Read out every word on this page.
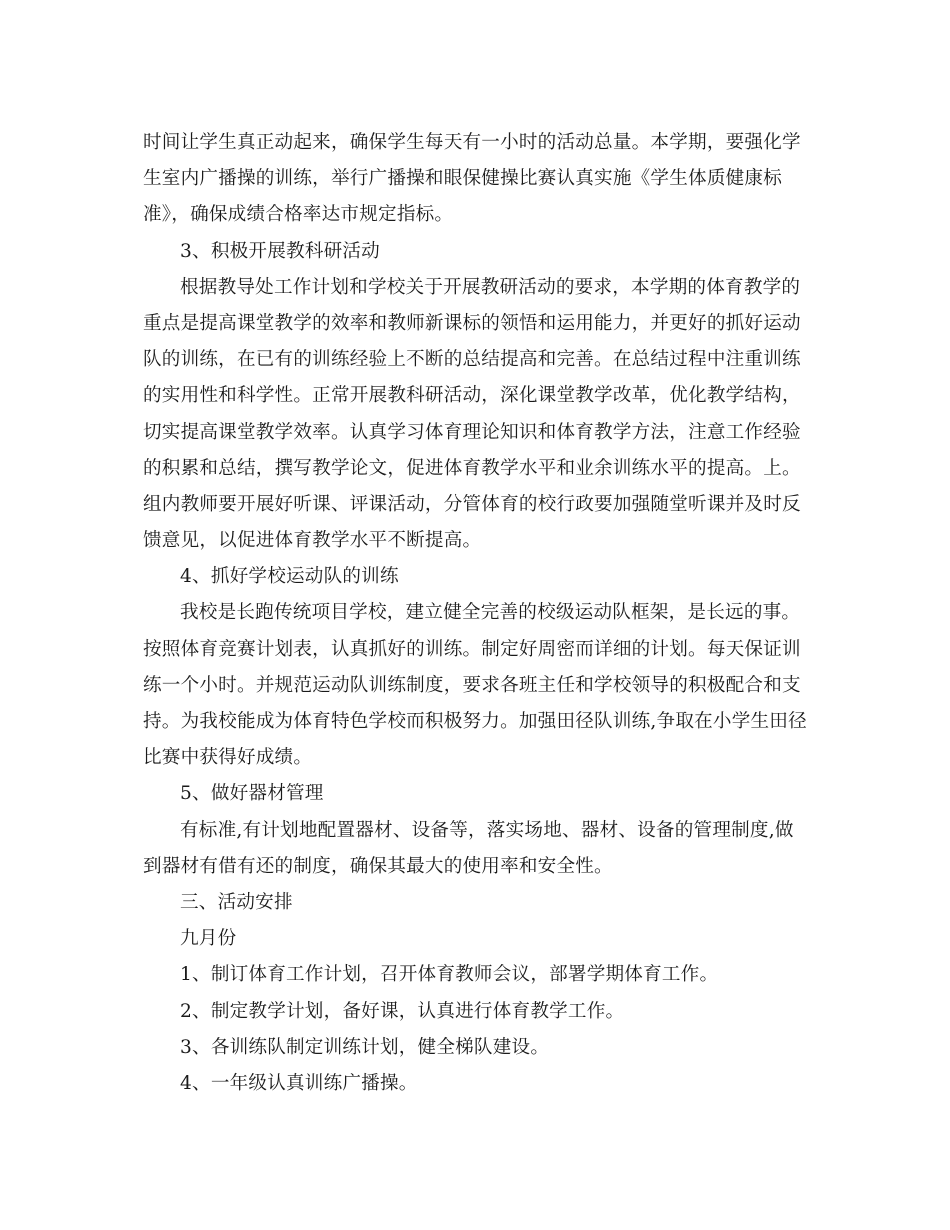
时间让学生真正动起来，确保学生每天有一小时的活动总量。本学期，要强化学
生室内广播操的训练，举行广播操和眼保健操比赛认真实施《学生体质健康标
准》，确保成绩合格率达市规定指标。
3、积极开展教科研活动
根据教导处工作计划和学校关于开展教研活动的要求，本学期的体育教学的
重点是提高课堂教学的效率和教师新课标的领悟和运用能力，并更好的抓好运动
队的训练，在已有的训练经验上不断的总结提高和完善。在总结过程中注重训练
的实用性和科学性。正常开展教科研活动，深化课堂教学改革，优化教学结构，
切实提高课堂教学效率。认真学习体育理论知识和体育教学方法，注意工作经验
的积累和总结，撰写教学论文，促进体育教学水平和业余训练水平的提高。上。
组内教师要开展好听课、评课活动，分管体育的校行政要加强随堂听课并及时反
馈意见，以促进体育教学水平不断提高。
4、抓好学校运动队的训练
我校是长跑传统项目学校，建立健全完善的校级运动队框架，是长远的事。
按照体育竞赛计划表，认真抓好的训练。制定好周密而详细的计划。每天保证训
练一个小时。并规范运动队训练制度，要求各班主任和学校领导的积极配合和支
持。为我校能成为体育特色学校而积极努力。加强田径队训练,争取在小学生田径
比赛中获得好成绩。
5、做好器材管理
有标准,有计划地配置器材、设备等，落实场地、器材、设备的管理制度,做
到器材有借有还的制度，确保其最大的使用率和安全性。
三、活动安排
九月份
1、制订体育工作计划，召开体育教师会议，部署学期体育工作。
2、制定教学计划，备好课，认真进行体育教学工作。
3、各训练队制定训练计划，健全梯队建设。
4、一年级认真训练广播操。
